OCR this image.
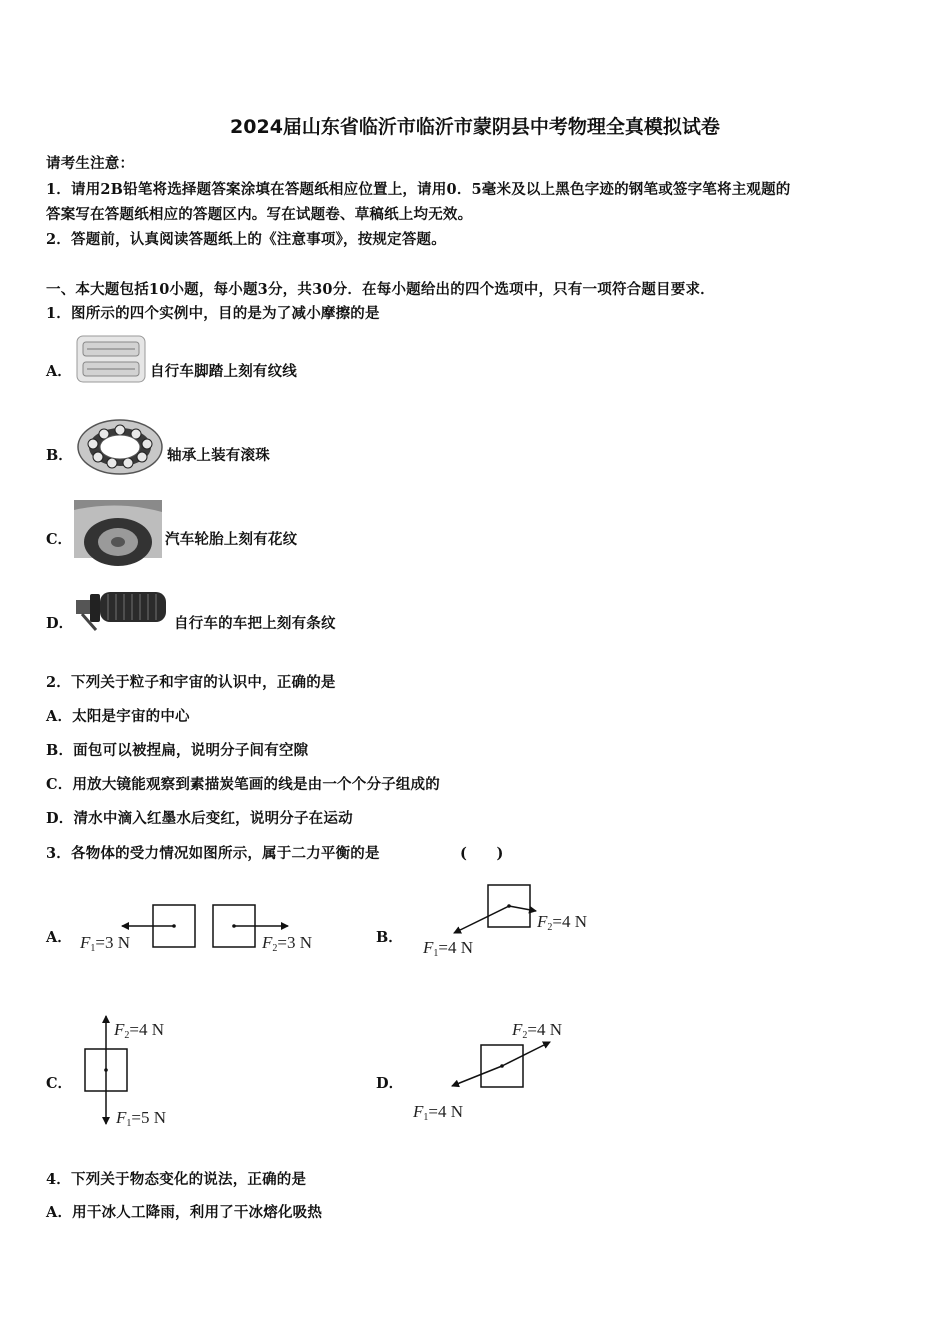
2024届山东省临沂市临沂市蒙阴县中考物理全真模拟试卷
请考生注意：
1．请用2B铅笔将选择题答案涂填在答题纸相应位置上，请用0．5毫米及以上黑色字迹的钢笔或签字笔将主观题的
答案写在答题纸相应的答题区内。写在试题卷、草稿纸上均无效。
2．答题前，认真阅读答题纸上的《注意事项》，按规定答题。
一、本大题包括10小题，每小题3分，共30分．在每小题给出的四个选项中，只有一项符合题目要求．
1．图所示的四个实例中，目的是为了减小摩擦的是
A．	自行车脚踏上刻有纹线
B．	轴承上装有滚珠
C．	汽车轮胎上刻有花纹
D．	自行车的车把上刻有条纹
2．下列关于粒子和宇宙的认识中，正确的是
A．太阳是宇宙的中心
B．面包可以被捏扁，说明分子间有空隙
C．用放大镜能观察到素描炭笔画的线是由一个个分子组成的
D．清水中滴入红墨水后变红，说明分子在运动
3．各物体的受力情况如图所示，属于二力平衡的是	(　　)
A． $F_1=3$ N	$F_2=3$ N	B．
$F_2=4$ N
$F_1=4$ N
C．
$F_2=4$ N
$F_1=5$ N
D．
$F_2=4$ N
$F_1=4$ N
4．下列关于物态变化的说法，正确的是
A．用干冰人工降雨，利用了干冰熔化吸热
